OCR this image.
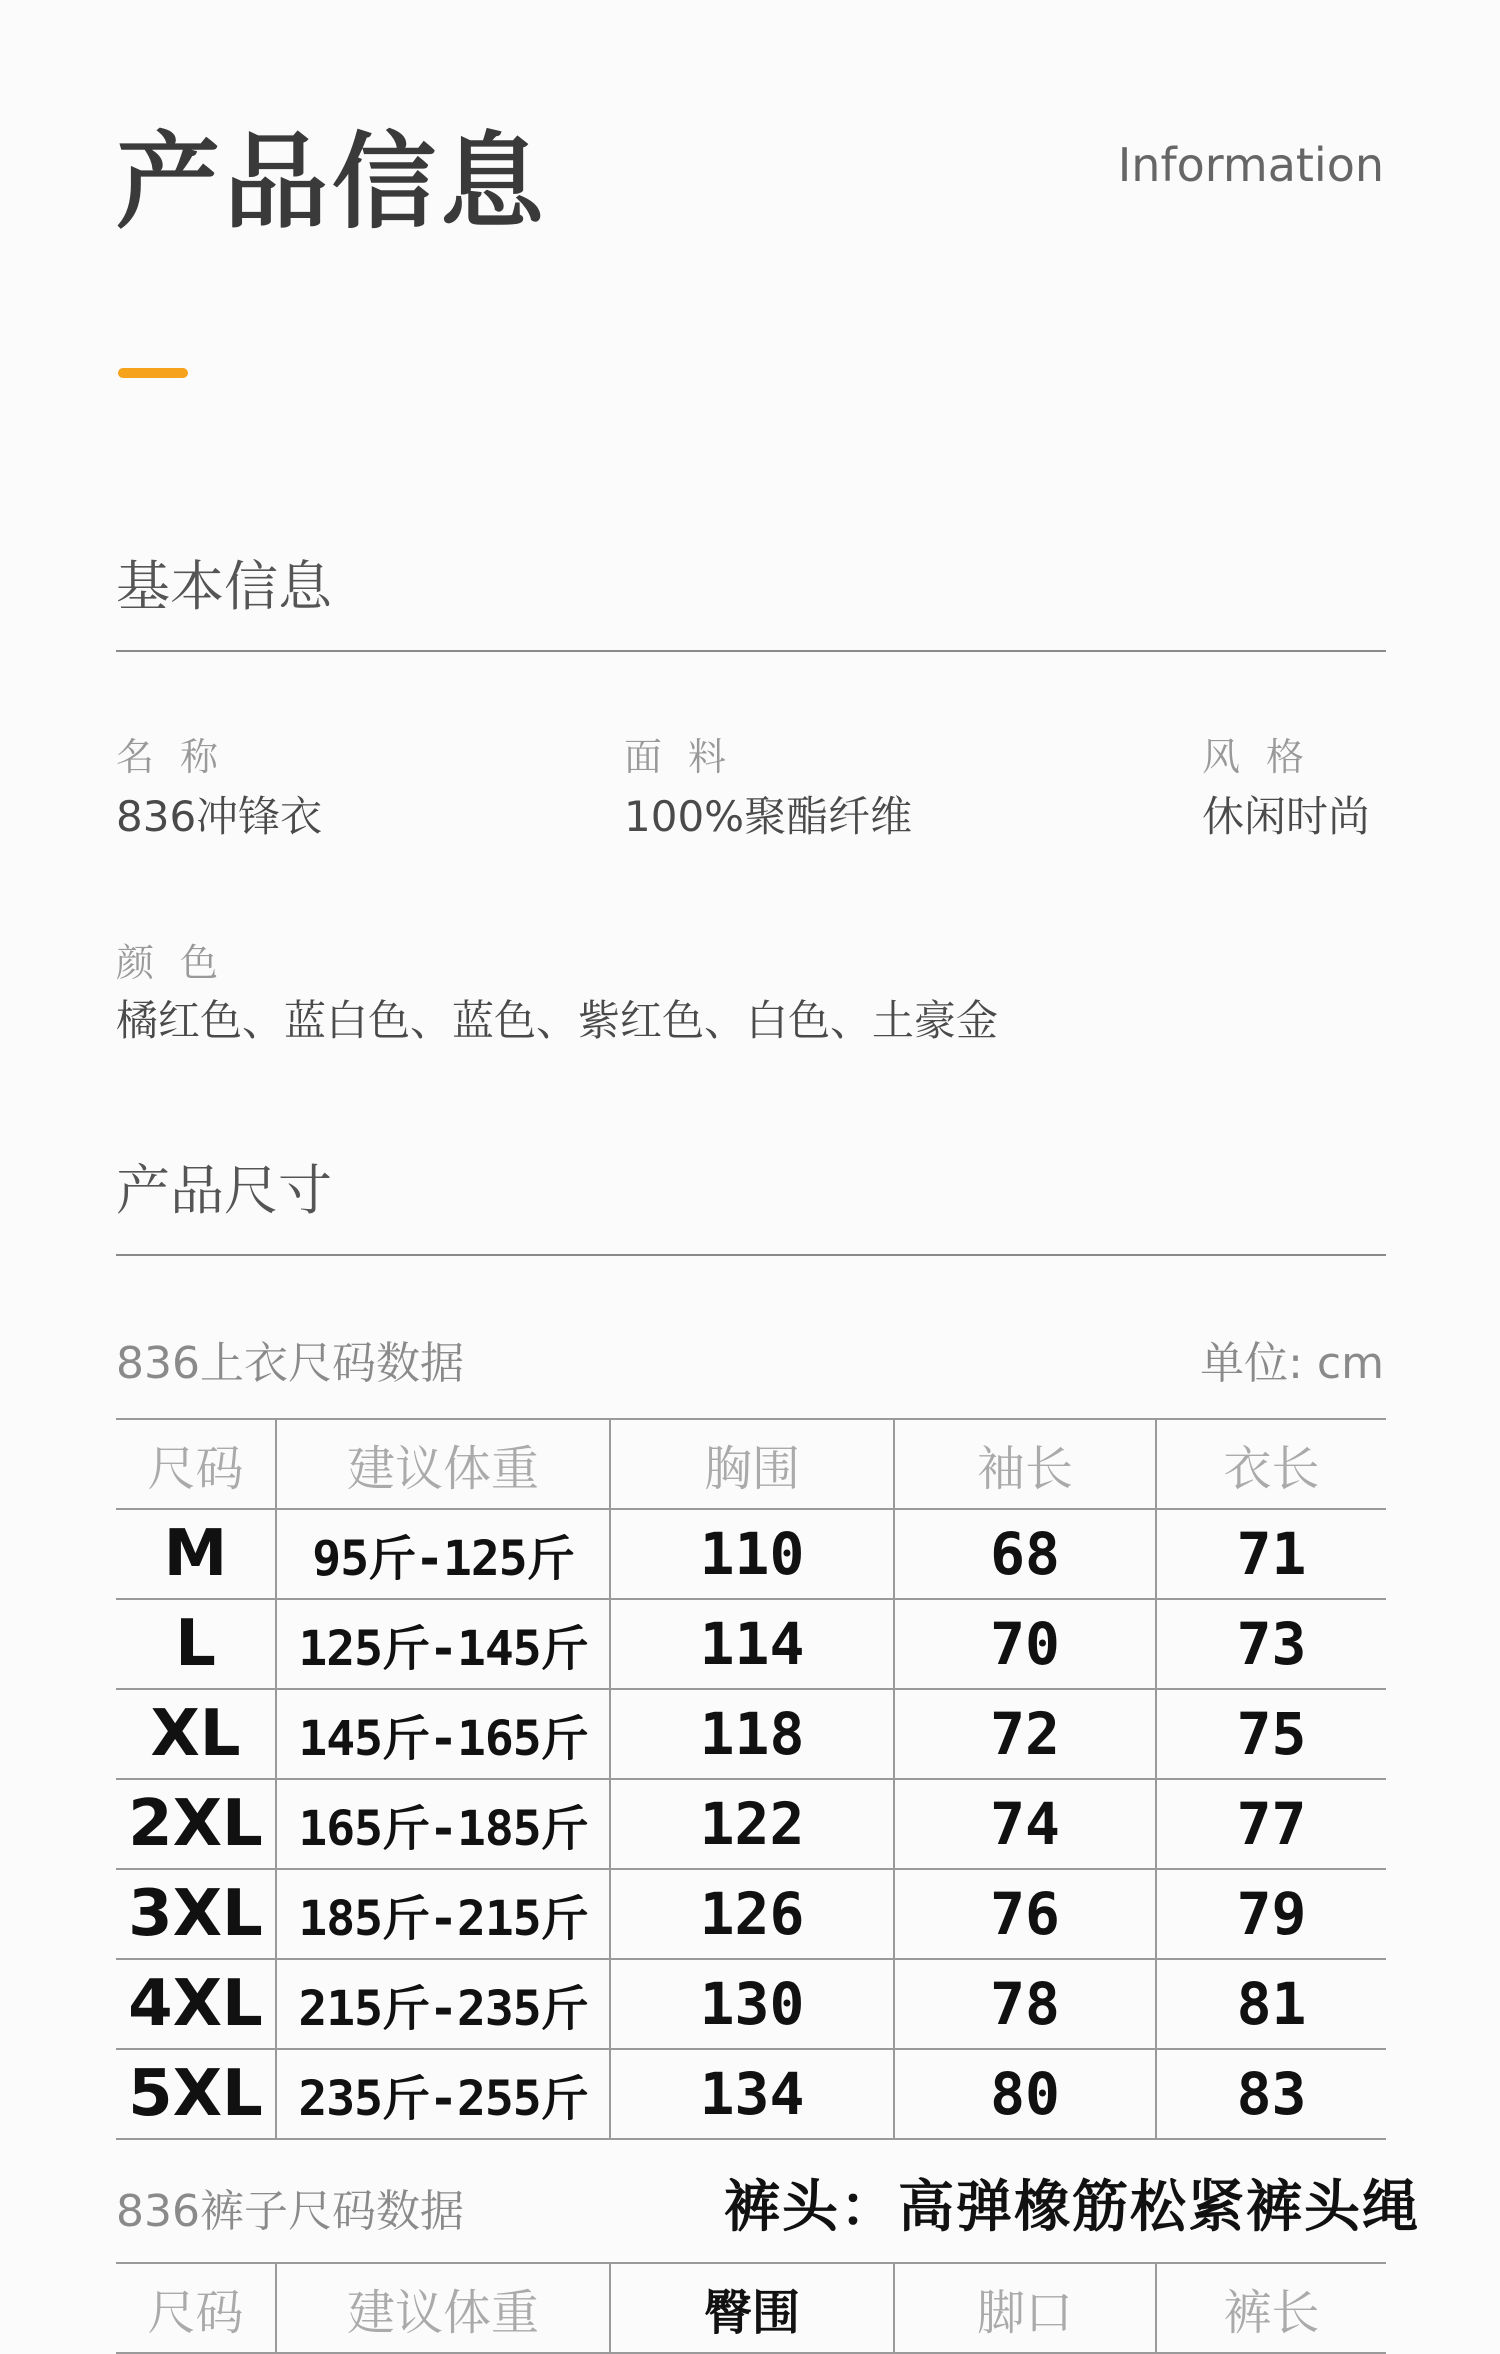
产品信息	Information
基本信息
名称
836冲锋衣
面料
100%聚酯纤维
风格
休闲时尚
颜色
橘红色、蓝白色、蓝色、紫红色、白色、土豪金
产品尺寸
836上衣尺码数据	单位: cm
尺码	建议体重	胸围	袖长	衣长
M	95斤-125斤	110	68	71
L	125斤-145斤	114	70	73
XL	145斤-165斤	118	72	75
2XL	165斤-185斤	122	74	77
3XL	185斤-215斤	126	76	79
4XL	215斤-235斤	130	78	81
5XL	235斤-255斤	134	80	83
836裤子尺码数据	裤头：高弹橡筋松紧裤头绳
尺码	建议体重	臀围	脚口	裤长
